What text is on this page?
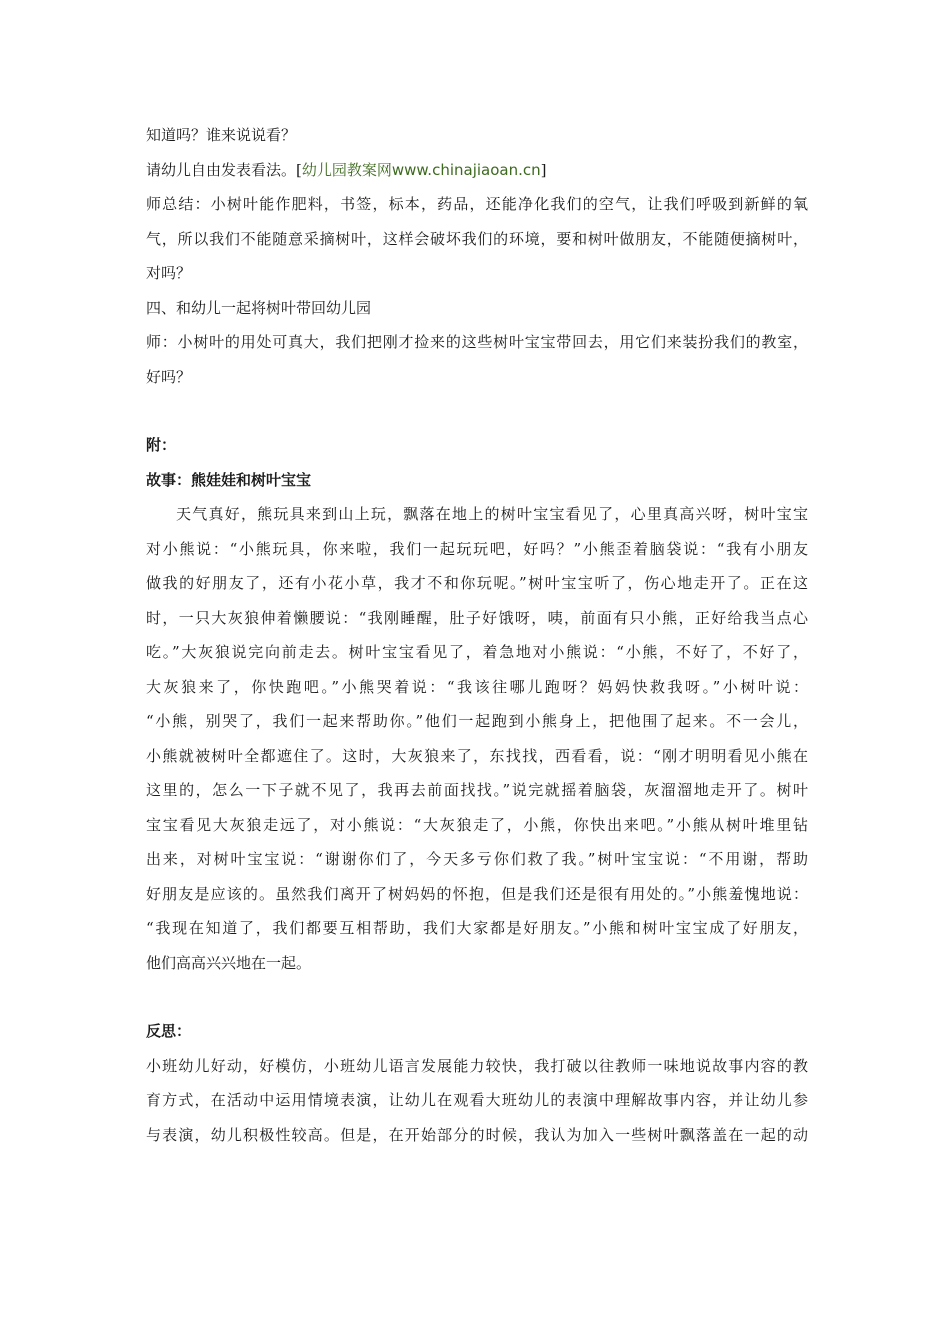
知道吗？谁来说说看？
请幼儿自由发表看法。[幼儿园教案网www.chinajiaoan.cn]
师总结：小树叶能作肥料，书签，标本，药品，还能净化我们的空气，让我们呼吸到新鲜的氧
气，所以我们不能随意采摘树叶，这样会破坏我们的环境，要和树叶做朋友，不能随便摘树叶，
对吗？
四、和幼儿一起将树叶带回幼儿园
师：小树叶的用处可真大，我们把刚才捡来的这些树叶宝宝带回去，用它们来装扮我们的教室，
好吗？
附：
故事：熊娃娃和树叶宝宝
天气真好，熊玩具来到山上玩，飘落在地上的树叶宝宝看见了，心里真高兴呀，树叶宝宝
对小熊说：“小熊玩具，你来啦，我们一起玩玩吧，好吗？”小熊歪着脑袋说：“我有小朋友
做我的好朋友了，还有小花小草，我才不和你玩呢。”树叶宝宝听了，伤心地走开了。正在这
时，一只大灰狼伸着懒腰说：“我刚睡醒，肚子好饿呀，咦，前面有只小熊，正好给我当点心
吃。”大灰狼说完向前走去。树叶宝宝看见了，着急地对小熊说：“小熊，不好了，不好了，
大灰狼来了，你快跑吧。”小熊哭着说：“我该往哪儿跑呀？妈妈快救我呀。”小树叶说：
“小熊，别哭了，我们一起来帮助你。”他们一起跑到小熊身上，把他围了起来。不一会儿，
小熊就被树叶全都遮住了。这时，大灰狼来了，东找找，西看看，说：“刚才明明看见小熊在
这里的，怎么一下子就不见了，我再去前面找找。”说完就摇着脑袋，灰溜溜地走开了。树叶
宝宝看见大灰狼走远了，对小熊说：“大灰狼走了，小熊，你快出来吧。”小熊从树叶堆里钻
出来，对树叶宝宝说：“谢谢你们了，今天多亏你们救了我。”树叶宝宝说：“不用谢，帮助
好朋友是应该的。虽然我们离开了树妈妈的怀抱，但是我们还是很有用处的。”小熊羞愧地说：
“我现在知道了，我们都要互相帮助，我们大家都是好朋友。”小熊和树叶宝宝成了好朋友，
他们高高兴兴地在一起。
反思：
小班幼儿好动，好模仿，小班幼儿语言发展能力较快，我打破以往教师一味地说故事内容的教
育方式，在活动中运用情境表演，让幼儿在观看大班幼儿的表演中理解故事内容，并让幼儿参
与表演，幼儿积极性较高。但是，在开始部分的时候，我认为加入一些树叶飘落盖在一起的动
